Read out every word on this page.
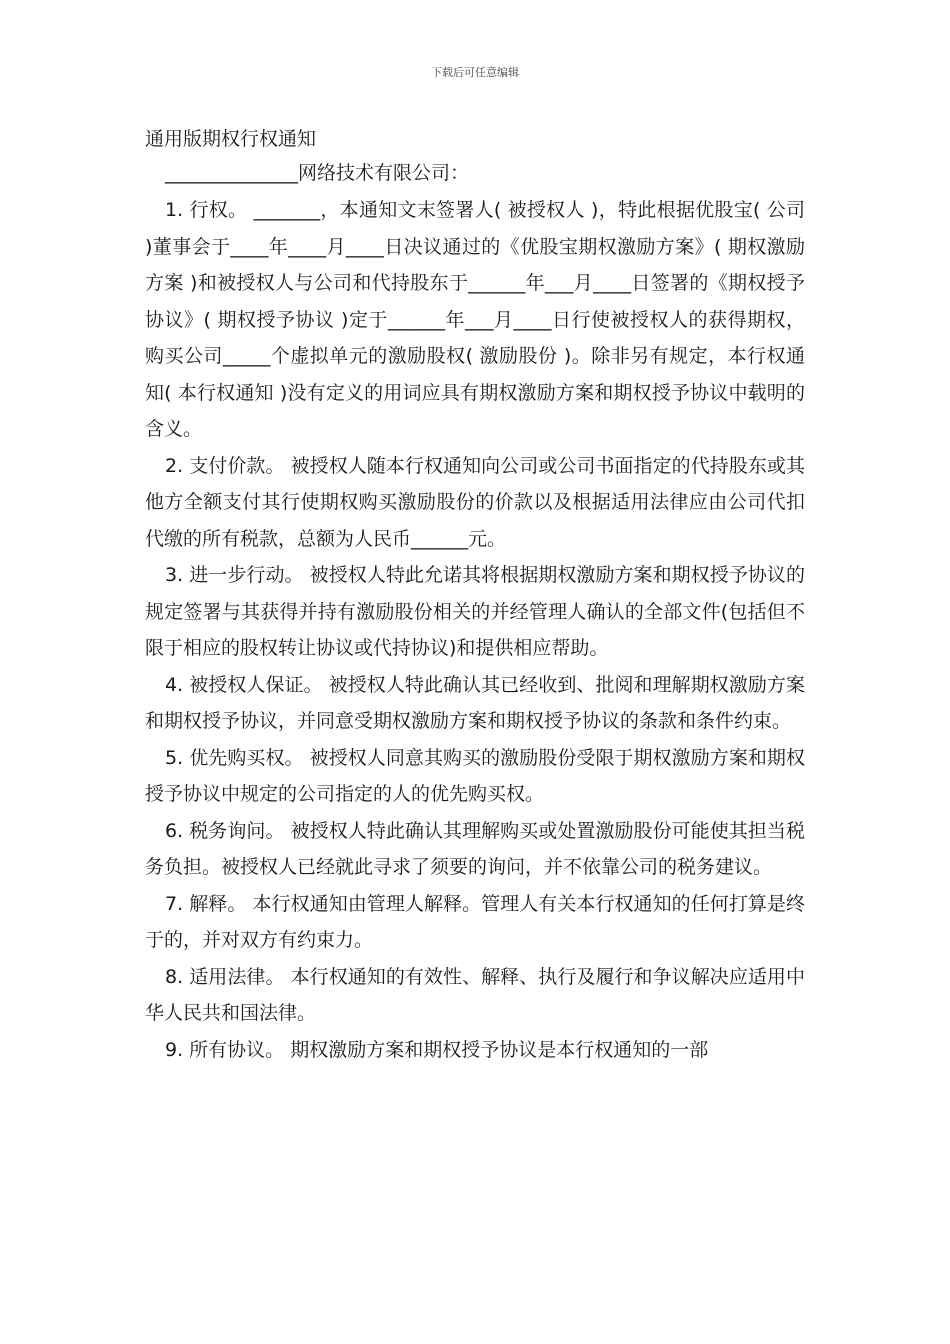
下载后可任意编辑
通用版期权行权通知
______________网络技术有限公司：

1. 行权。 _______，本通知文末签署人( 被授权人 )，特此根据优股宝( 公司 )董事会于____年____月____日决议通过的《优股宝期权激励方案》( 期权激励方案 )和被授权人与公司和代持股东于______年___月____日签署的《期权授予协议》( 期权授予协议 )定于______年___月____日行使被授权人的获得期权，购买公司_____个虚拟单元的激励股权( 激励股份 )。除非另有规定，本行权通知( 本行权通知 )没有定义的用词应具有期权激励方案和期权授予协议中载明的含义。

2. 支付价款。 被授权人随本行权通知向公司或公司书面指定的代持股东或其他方全额支付其行使期权购买激励股份的价款以及根据适用法律应由公司代扣代缴的所有税款，总额为人民币______元。

3. 进一步行动。 被授权人特此允诺其将根据期权激励方案和期权授予协议的规定签署与其获得并持有激励股份相关的并经管理人确认的全部文件(包括但不限于相应的股权转让协议或代持协议)和提供相应帮助。

4. 被授权人保证。 被授权人特此确认其已经收到、批阅和理解期权激励方案和期权授予协议，并同意受期权激励方案和期权授予协议的条款和条件约束。

5. 优先购买权。 被授权人同意其购买的激励股份受限于期权激励方案和期权授予协议中规定的公司指定的人的优先购买权。

6. 税务询问。 被授权人特此确认其理解购买或处置激励股份可能使其担当税务负担。被授权人已经就此寻求了须要的询问，并不依靠公司的税务建议。

7. 解释。 本行权通知由管理人解释。管理人有关本行权通知的任何打算是终于的，并对双方有约束力。

8. 适用法律。 本行权通知的有效性、解释、执行及履行和争议解决应适用中华人民共和国法律。

9. 所有协议。 期权激励方案和期权授予协议是本行权通知的一部
